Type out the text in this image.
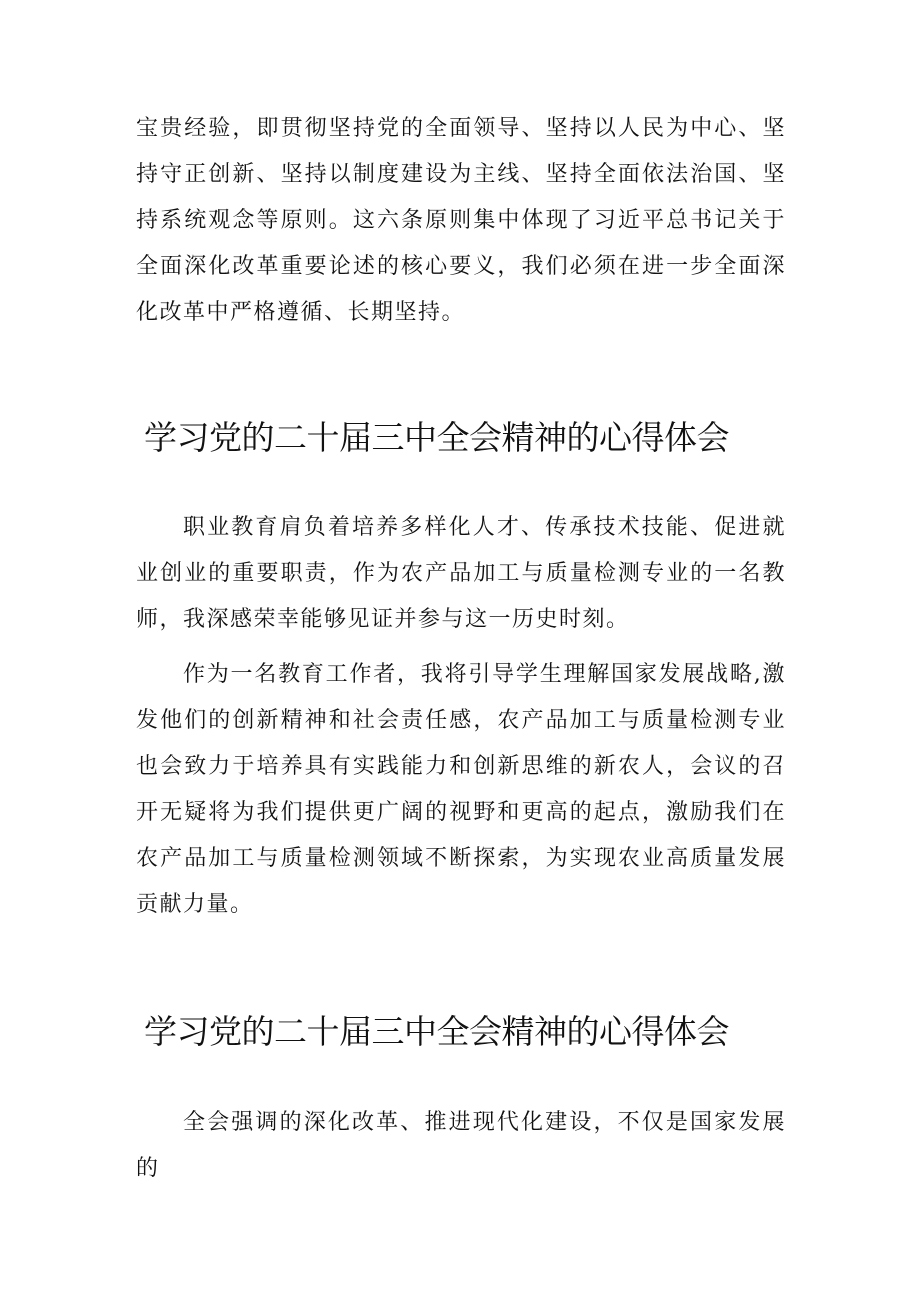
宝贵经验，即贯彻坚持党的全面领导、坚持以人民为中心、坚持守正创新、坚持以制度建设为主线、坚持全面依法治国、坚持系统观念等原则。这六条原则集中体现了习近平总书记关于全面深化改革重要论述的核心要义，我们必须在进一步全面深化改革中严格遵循、长期坚持。

学习党的二十届三中全会精神的心得体会

职业教育肩负着培养多样化人才、传承技术技能、促进就业创业的重要职责，作为农产品加工与质量检测专业的一名教师，我深感荣幸能够见证并参与这一历史时刻。

作为一名教育工作者，我将引导学生理解国家发展战略,激发他们的创新精神和社会责任感，农产品加工与质量检测专业也会致力于培养具有实践能力和创新思维的新农人，会议的召开无疑将为我们提供更广阔的视野和更高的起点，激励我们在农产品加工与质量检测领域不断探索，为实现农业高质量发展贡献力量。

学习党的二十届三中全会精神的心得体会

全会强调的深化改革、推进现代化建设，不仅是国家发展的
